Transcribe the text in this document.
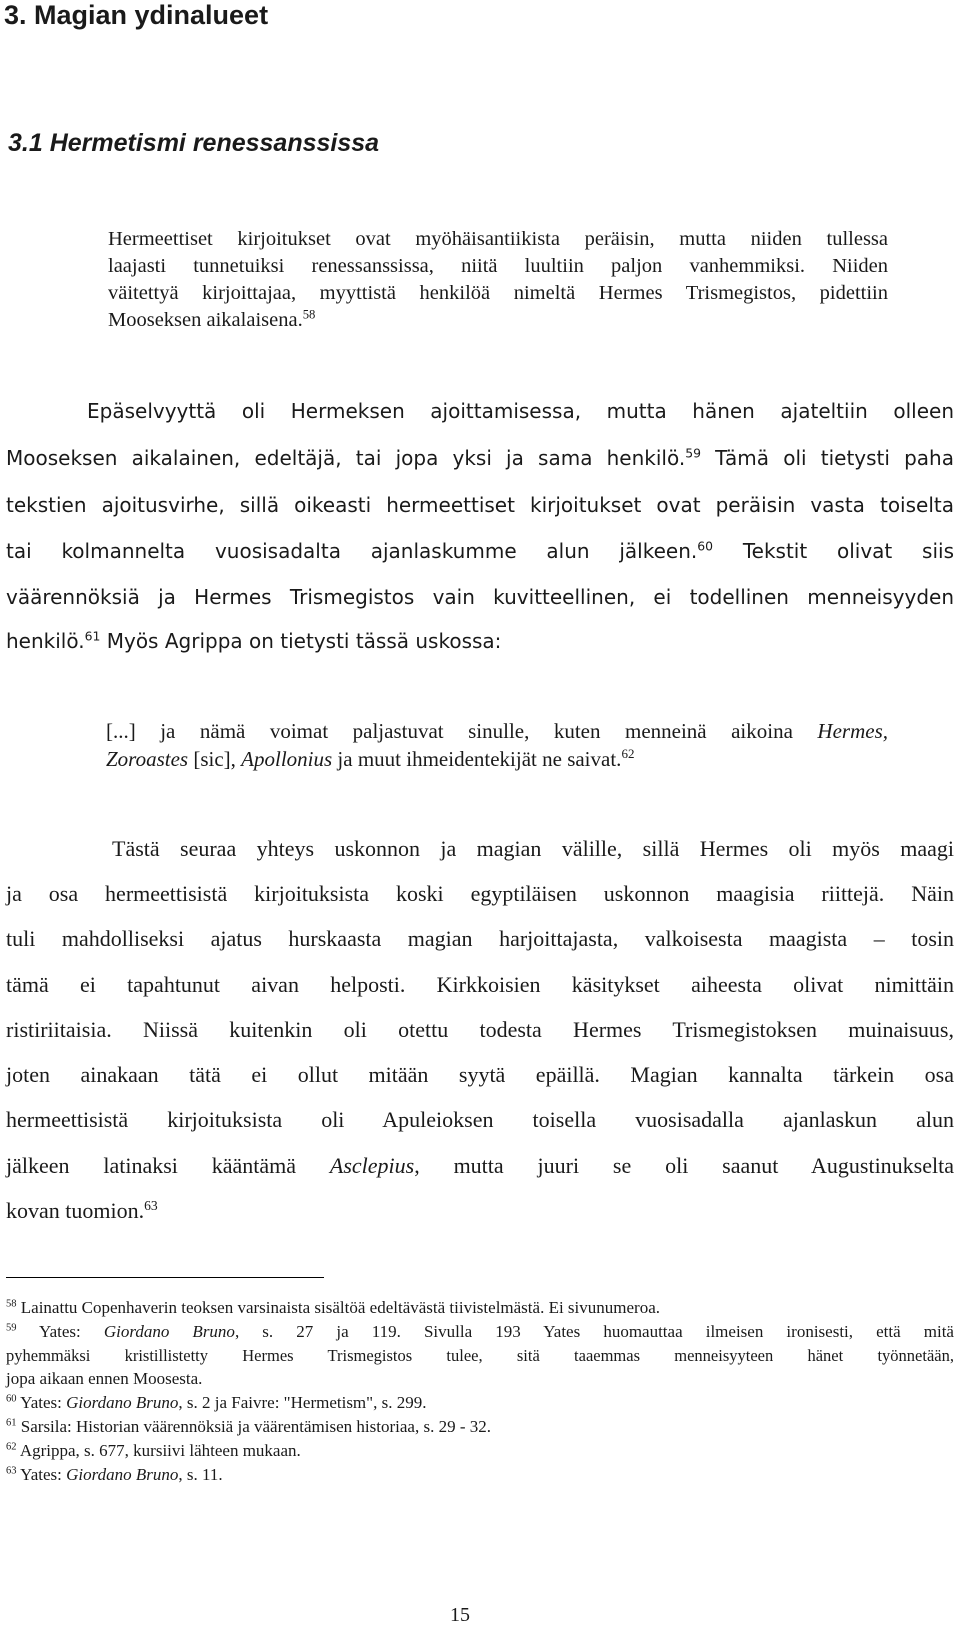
3. Magian ydinalueet
3.1 Hermetismi renessanssissa

Hermeettiset kirjoitukset ovat myöhäisantiikista peräisin, mutta niiden tullessa

laajasti tunnetuiksi renessanssissa, niitä luultiin paljon vanhemmiksi. Niiden

väitettyä kirjoittajaa, myyttistä henkilöä nimeltä Hermes Trismegistos, pidettiin

Mooseksen aikalaisena.$^{58}$

Epäselvyyttä oli Hermeksen ajoittamisessa, mutta hänen ajateltiin olleen

Mooseksen aikalainen, edeltäjä, tai jopa yksi ja sama henkilö.$^{59}$ Tämä oli tietysti paha

tekstien ajoitusvirhe, sillä oikeasti hermeettiset kirjoitukset ovat peräisin vasta toiselta

tai kolmannelta vuosisadalta ajanlaskumme alun jälkeen.$^{60}$ Tekstit olivat siis

väärennöksiä ja Hermes Trismegistos vain kuvitteellinen, ei todellinen menneisyyden

henkilö.$^{61}$ Myös Agrippa on tietysti tässä uskossa:

[...] ja nämä voimat paljastuvat sinulle, kuten menneinä aikoina Hermes,

Zoroastes [sic], Apollonius ja muut ihmeidentekijät ne saivat.$^{62}$

Tästä seuraa yhteys uskonnon ja magian välille, sillä Hermes oli myös maagi

ja osa hermeettisistä kirjoituksista koski egyptiläisen uskonnon maagisia riittejä. Näin

tuli mahdolliseksi ajatus hurskaasta magian harjoittajasta, valkoisesta maagista – tosin

tämä ei tapahtunut aivan helposti. Kirkkoisien käsitykset aiheesta olivat nimittäin

ristiriitaisia. Niissä kuitenkin oli otettu todesta Hermes Trismegistoksen muinaisuus,

joten ainakaan tätä ei ollut mitään syytä epäillä. Magian kannalta tärkein osa

hermeettisistä kirjoituksista oli Apuleioksen toisella vuosisadalla ajanlaskun alun

jälkeen latinaksi kääntämä Asclepius, mutta juuri se oli saanut Augustinukselta

kovan tuomion.$^{63}$

$^{58}$ Lainattu Copenhaverin teoksen varsinaista sisältöä edeltävästä tiivistelmästä. Ei sivunumeroa.

$^{59}$ Yates: Giordano Bruno, s. 27 ja 119. Sivulla 193 Yates huomauttaa ilmeisen ironisesti, että mitä

pyhemmäksi kristillistetty Hermes Trismegistos tulee, sitä taaemmas menneisyyteen hänet työnnetään,

jopa aikaan ennen Moosesta.

$^{60}$ Yates: Giordano Bruno, s. 2 ja Faivre: "Hermetism", s. 299.

$^{61}$ Sarsila: Historian väärennöksiä ja väärentämisen historiaa, s. 29 - 32.

$^{62}$ Agrippa, s. 677, kursiivi lähteen mukaan.

$^{63}$ Yates: Giordano Bruno, s. 11.

15
